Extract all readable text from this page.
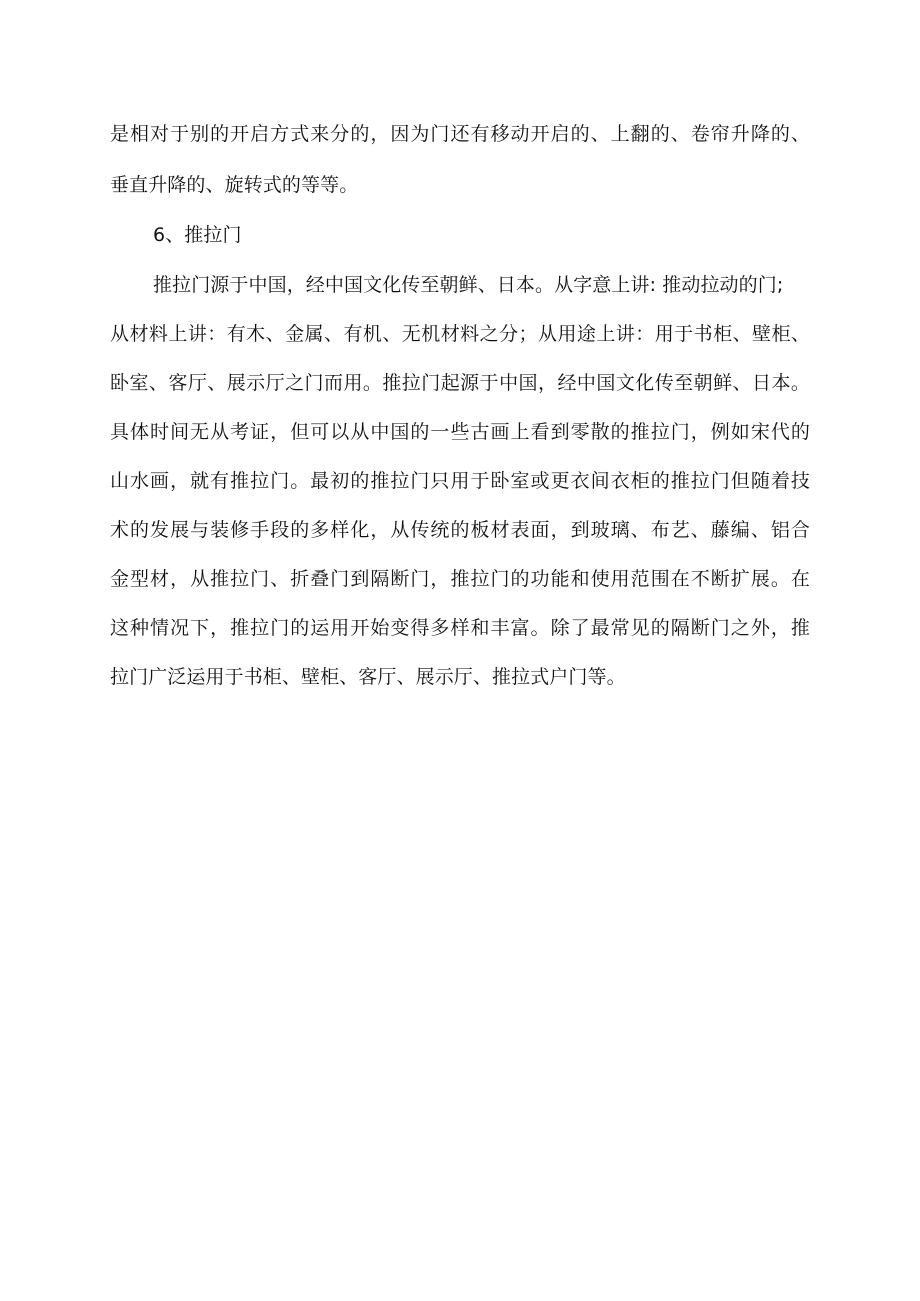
是相对于别的开启方式来分的，因为门还有移动开启的、上翻的、卷帘升降的、
垂直升降的、旋转式的等等。
6、推拉门
推拉门源于中国，经中国文化传至朝鲜、日本。从字意上讲: 推动拉动的门;
从材料上讲：有木、金属、有机、无机材料之分；从用途上讲：用于书柜、壁柜、
卧室、客厅、展示厅之门而用。推拉门起源于中国，经中国文化传至朝鲜、日本。
具体时间无从考证，但可以从中国的一些古画上看到零散的推拉门，例如宋代的
山水画，就有推拉门。最初的推拉门只用于卧室或更衣间衣柜的推拉门但随着技
术的发展与装修手段的多样化，从传统的板材表面，到玻璃、布艺、藤编、铝合
金型材，从推拉门、折叠门到隔断门，推拉门的功能和使用范围在不断扩展。在
这种情况下，推拉门的运用开始变得多样和丰富。除了最常见的隔断门之外，推
拉门广泛运用于书柜、壁柜、客厅、展示厅、推拉式户门等。
